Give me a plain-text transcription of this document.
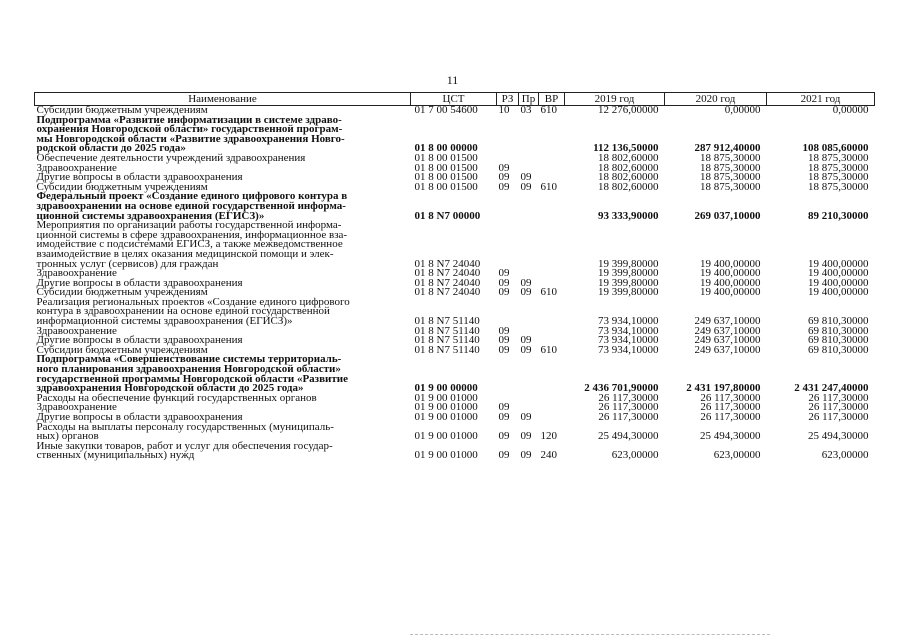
11
Наименование	ЦСТ	РЗ	Пр	ВР	2019 год	2020 год	2021 год

Субсидии бюджетным учреждениям	01 7 00 54600	10	03	610	12 276,00000	0,00000	0,00000

Подпрограмма «Развитие информатизации в системе здраво-
охранения Новгородской области» государственной програм-
мы Новгородской области «Развитие здравоохранения Новго-
родской области до 2025 года»	01 8 00 00000				112 136,50000	287 912,40000	108 085,60000

Обеспечение деятельности учреждений здравоохранения	01 8 00 01500				18 802,60000	18 875,30000	18 875,30000

Здравоохранение	01 8 00 01500	09			18 802,60000	18 875,30000	18 875,30000

Другие вопросы в области здравоохранения	01 8 00 01500	09	09		18 802,60000	18 875,30000	18 875,30000

Субсидии бюджетным учреждениям	01 8 00 01500	09	09	610	18 802,60000	18 875,30000	18 875,30000

Федеральный проект «Создание единого цифрового контура в
здравоохранении на основе единой государственной информа-
ционной системы здравоохранения (ЕГИСЗ)»	01 8 N7 00000				93 333,90000	269 037,10000	89 210,30000

Мероприятия по организации работы государственной информа-
ционной системы в сфере здравоохранения, информационное вза-
имодействие с подсистемами ЕГИСЗ, а также межведомственное
взаимодействие в целях оказания медицинской помощи и элек-
тронных услуг (сервисов) для граждан	01 8 N7 24040				19 399,80000	19 400,00000	19 400,00000

Здравоохранение	01 8 N7 24040	09			19 399,80000	19 400,00000	19 400,00000

Другие вопросы в области здравоохранения	01 8 N7 24040	09	09		19 399,80000	19 400,00000	19 400,00000

Субсидии бюджетным учреждениям	01 8 N7 24040	09	09	610	19 399,80000	19 400,00000	19 400,00000

Реализация региональных проектов «Создание единого цифрового
контура в здравоохранении на основе единой государственной
информационной системы здравоохранения (ЕГИСЗ)»	01 8 N7 51140				73 934,10000	249 637,10000	69 810,30000

Здравоохранение	01 8 N7 51140	09			73 934,10000	249 637,10000	69 810,30000

Другие вопросы в области здравоохранения	01 8 N7 51140	09	09		73 934,10000	249 637,10000	69 810,30000

Субсидии бюджетным учреждениям	01 8 N7 51140	09	09	610	73 934,10000	249 637,10000	69 810,30000

Подпрограмма «Совершенствование системы территориаль-
ного планирования здравоохранения Новгородской области»
государственной программы Новгородской области «Развитие
здравоохранения Новгородской области до 2025 года»	01 9 00 00000				2 436 701,90000	2 431 197,80000	2 431 247,40000

Расходы на обеспечение функций государственных органов	01 9 00 01000				26 117,30000	26 117,30000	26 117,30000

Здравоохранение	01 9 00 01000	09			26 117,30000	26 117,30000	26 117,30000

Другие вопросы в области здравоохранения	01 9 00 01000	09	09		26 117,30000	26 117,30000	26 117,30000

Расходы на выплаты персоналу государственных (муниципаль-
ных) органов	01 9 00 01000	09	09	120	25 494,30000	25 494,30000	25 494,30000

Иные закупки товаров, работ и услуг для обеспечения государ-
ственных (муниципальных) нужд	01 9 00 01000	09	09	240	623,00000	623,00000	623,00000
